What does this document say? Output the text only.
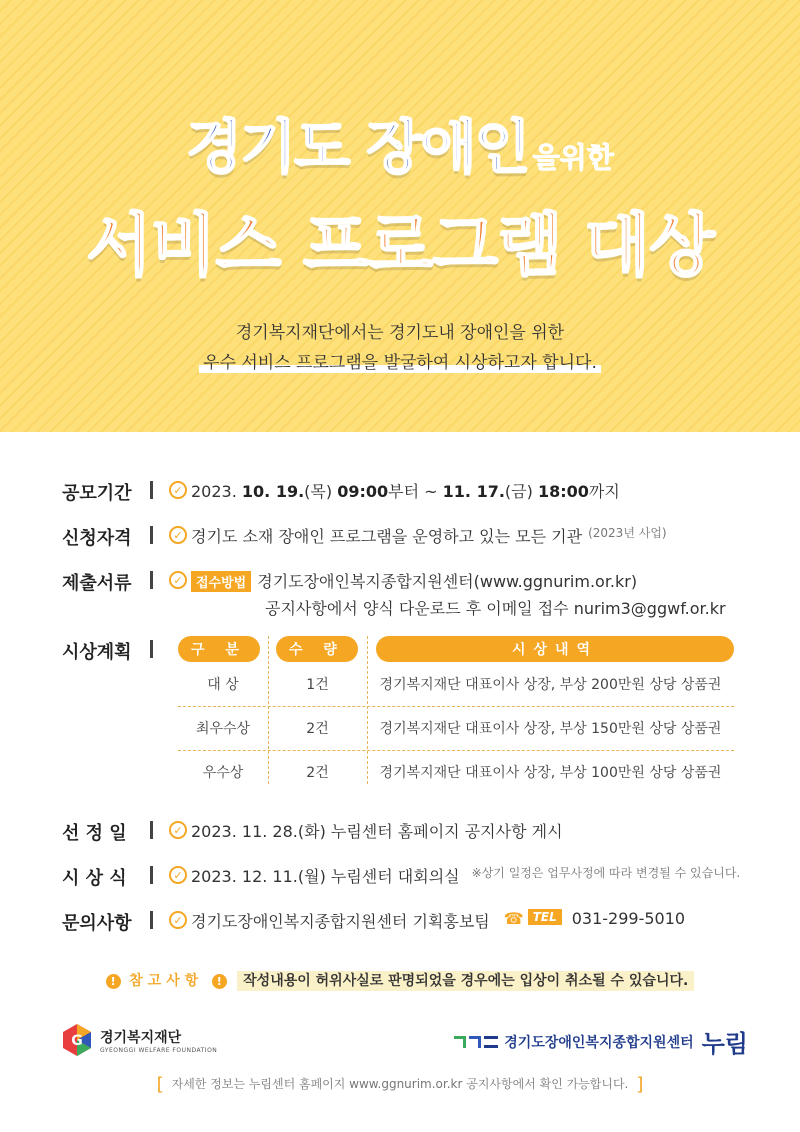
경기도 장애인 을위한
서비스 프로그램 대상
경기복지재단에서는 경기도내 장애인을 위한
우수 서비스 프로그램을 발굴하여 시상하고자 합니다.
공모기간	✓ 2023. 10. 19.(목) 09:00부터 ~ 11. 17.(금) 18:00까지
신청자격	✓ 경기도 소재 장애인 프로그램을 운영하고 있는 모든 기관 (2023년 사업)
제출서류	✓	접수방법 경기도장애인복지종합지원센터(www.ggnurim.or.kr)
공지사항에서 양식 다운로드 후 이메일 접수 nurim3@ggwf.or.kr
시상계획	구 분	수 량	시상내역
대 상	1건	경기복지재단 대표이사 상장, 부상 200만원 상당 상품권
최우수상	2건	경기복지재단 대표이사 상장, 부상 150만원 상당 상품권
우수상	2건	경기복지재단 대표이사 상장, 부상 100만원 상당 상품권
선 정 일	✓ 2023. 11. 28.(화) 누림센터 홈페이지 공지사항 게시
시 상 식	✓ 2023. 12. 11.(월) 누림센터 대회의실 ※상기 일정은 업무사정에 따라 변경될 수 있습니다.
문의사항	✓ 경기도장애인복지종합지원센터 기획홍보팀 ☎ TEL 031-299-5010
! 참고사항 ! 작성내용이 허위사실로 판명되었을 경우에는 입상이 취소될 수 있습니다.
G 경기복지재단
GYEONGGI WELFARE FOUNDATION	경기도장애인복지종합지원센터 누림
[ 자세한 정보는 누림센터 홈페이지 www.ggnurim.or.kr 공지사항에서 확인 가능합니다. ]
